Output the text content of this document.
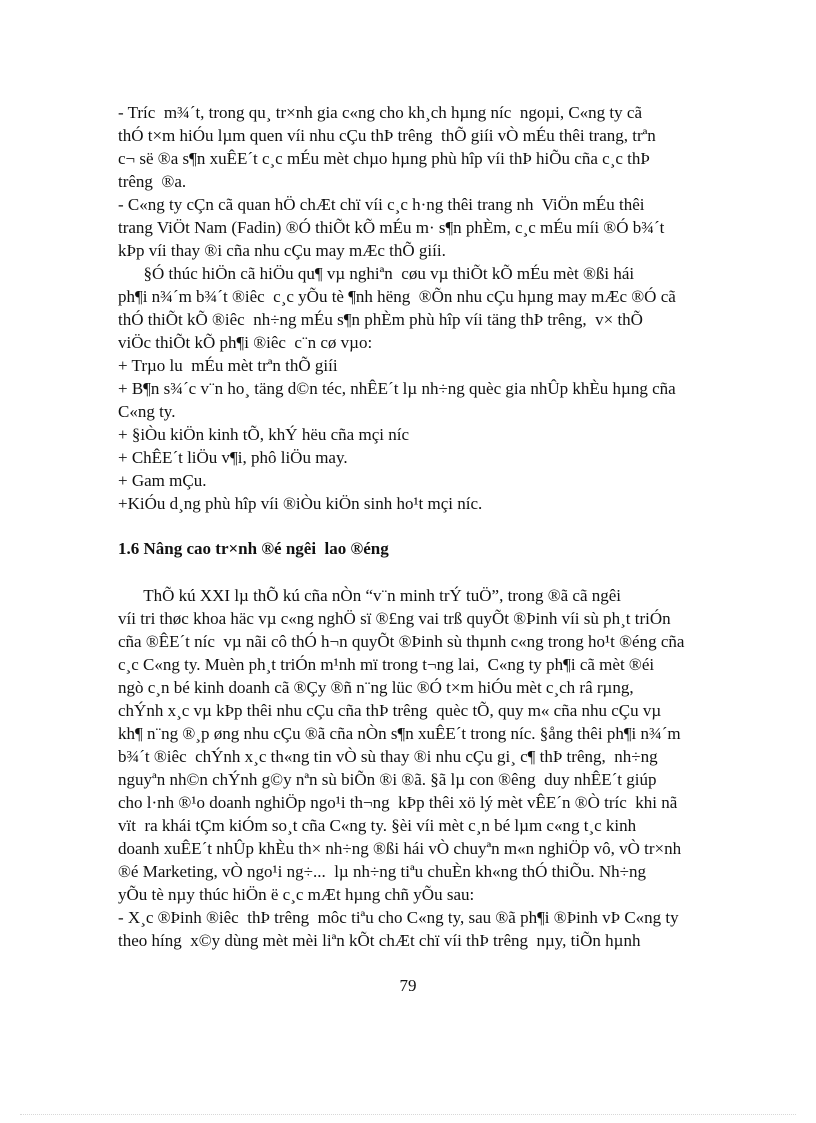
- Tríc  m¾´t, trong qu¸ tr×nh gia c«ng cho kh¸ch hµng níc  ngoµi, C«ng ty cã
thÓ t×m hiÓu lµm quen víi nhu cÇu thÞ trêng  thÕ giíi vÒ mÉu thêi trang, trªn
c¬ së ®a s¶n xuÊE´t c¸c mÉu mèt chµo hµng phù hîp víi thÞ hiÕu cña c¸c thÞ
trêng  ®a.
- C«ng ty cÇn cã quan hÖ chÆt chï víi c¸c h·ng thêi trang nh  ViÖn mÉu thêi
trang ViÖt Nam (Fadin) ®Ó thiÕt kÕ mÉu m· s¶n phÈm, c¸c mÉu míi ®Ó b¾´t
kÞp víi thay ®i cña nhu cÇu may mÆc thÕ giíi.
§Ó thúc hiÖn cã hiÖu qu¶ vµ nghiªn  cøu vµ thiÕt kÕ mÉu mèt ®ßi hái
ph¶i n¾´m b¾´t ®iêc  c¸c yÕu tè ¶nh hëng  ®Õn nhu cÇu hµng may mÆc ®Ó cã
thÓ thiÕt kÕ ®iêc  nh÷ng mÉu s¶n phÈm phù hîp víi täng thÞ trêng,  v× thÕ
viÖc thiÕt kÕ ph¶i ®iêc  c¨n cø vµo:
+ Trµo lu  mÉu mèt trªn thÕ giíi
+ B¶n s¾´c v¨n ho¸ täng d©n téc, nhÊE´t lµ nh÷ng quèc gia nhÛp khÈu hµng cña
C«ng ty.
+ §iÒu kiÖn kinh tÕ, khÝ hëu cña mçi níc
+ ChÊE´t liÖu v¶i, phô liÖu may.
+ Gam mÇu.
+KiÓu d¸ng phù hîp víi ®iÒu kiÖn sinh ho¹t mçi níc.
1.6 Nâng cao tr×nh ®é ngêi  lao ®éng
ThÕ kú XXI lµ thÕ kú cña nÒn “v¨n minh trÝ tuÖ”, trong ®ã cã ngêi
víi tri thøc khoa häc vµ c«ng nghÖ sï ®£ng vai trß quyÕt ®Þinh víi sù ph¸t triÓn
cña ®ÊE´t níc  vµ nãi cô thÓ h¬n quyÕt ®Þinh sù thµnh c«ng trong ho¹t ®éng cña
c¸c C«ng ty. Muèn ph¸t triÓn m¹nh mï trong t¬ng lai,  C«ng ty ph¶i cã mèt ®éi
ngò c¸n bé kinh doanh cã ®Çy ®ñ n¨ng lüc ®Ó t×m hiÓu mèt c¸ch râ rµng,
chÝnh x¸c vµ kÞp thêi nhu cÇu cña thÞ trêng  quèc tÕ, quy m« cña nhu cÇu vµ
kh¶ n¨ng ®¸p øng nhu cÇu ®ã cña nÒn s¶n xuÊE´t trong níc. §ång thêi ph¶i n¾´m
b¾´t ®iêc  chÝnh x¸c th«ng tin vÒ sù thay ®i nhu cÇu gi¸ c¶ thÞ trêng,  nh÷ng
nguyªn nh©n chÝnh g©y nªn sù biÕn ®i ®ã. §ã lµ con ®êng  duy nhÊE´t giúp
cho l·nh ®¹o doanh nghiÖp ngo¹i th¬ng  kÞp thêi xö lý mèt vÊE´n ®Ò tríc  khi nã
vït  ra khái tÇm kiÓm so¸t cña C«ng ty. §èi víi mèt c¸n bé lµm c«ng t¸c kinh
doanh xuÊE´t nhÛp khÈu th× nh÷ng ®ßi hái vÒ chuyªn m«n nghiÖp vô, vÒ tr×nh
®é Marketing, vÒ ngo¹i ng÷...  lµ nh÷ng tiªu chuÈn kh«ng thÓ thiÕu. Nh÷ng
yÕu tè nµy thúc hiÖn ë c¸c mÆt hµng chñ yÕu sau:
- X¸c ®Þinh ®iêc  thÞ trêng  môc tiªu cho C«ng ty, sau ®ã ph¶i ®Þinh vÞ C«ng ty
theo híng  x©y dùng mèt mèi liªn kÕt chÆt chï víi thÞ trêng  nµy, tiÕn hµnh
79
